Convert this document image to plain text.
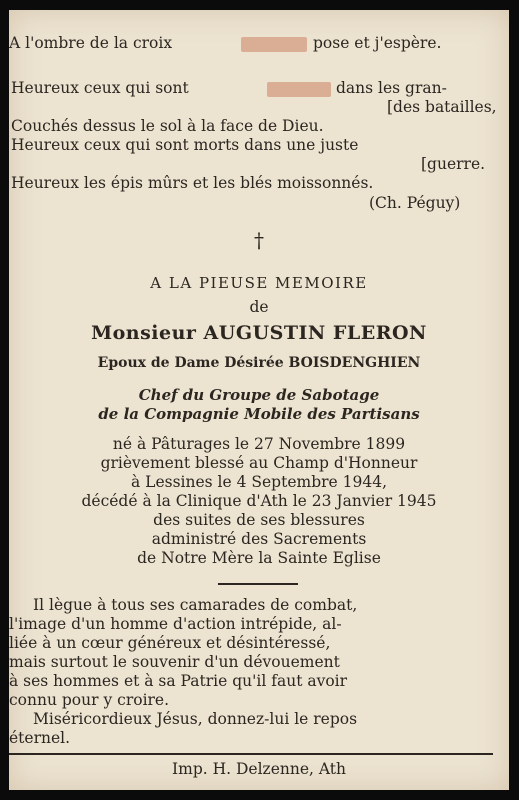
A l'ombre de la croix	pose et j'espère.
Heureux ceux qui sont	dans les gran-
[des batailles,
Couchés dessus le sol à la face de Dieu.
Heureux ceux qui sont morts dans une juste
[guerre.
Heureux les épis mûrs et les blés moissonnés.
(Ch. Péguy)
†
A LA PIEUSE MEMOIRE
de
Monsieur AUGUSTIN FLERON
Epoux de Dame Désirée BOISDENGHIEN
Chef du Groupe de Sabotage
de la Compagnie Mobile des Partisans
né à Pâturages le 27 Novembre 1899
grièvement blessé au Champ d'Honneur
à Lessines le 4 Septembre 1944,
décédé à la Clinique d'Ath le 23 Janvier 1945
des suites de ses blessures
administré des Sacrements
de Notre Mère la Sainte Eglise
Il lègue à tous ses camarades de combat,
l'image d'un homme d'action intrépide, al-
liée à un cœur généreux et désintéressé,
mais surtout le souvenir d'un dévouement
à ses hommes et à sa Patrie qu'il faut avoir
connu pour y croire.
Miséricordieux Jésus, donnez-lui le repos
éternel.
Imp. H. Delzenne, Ath
